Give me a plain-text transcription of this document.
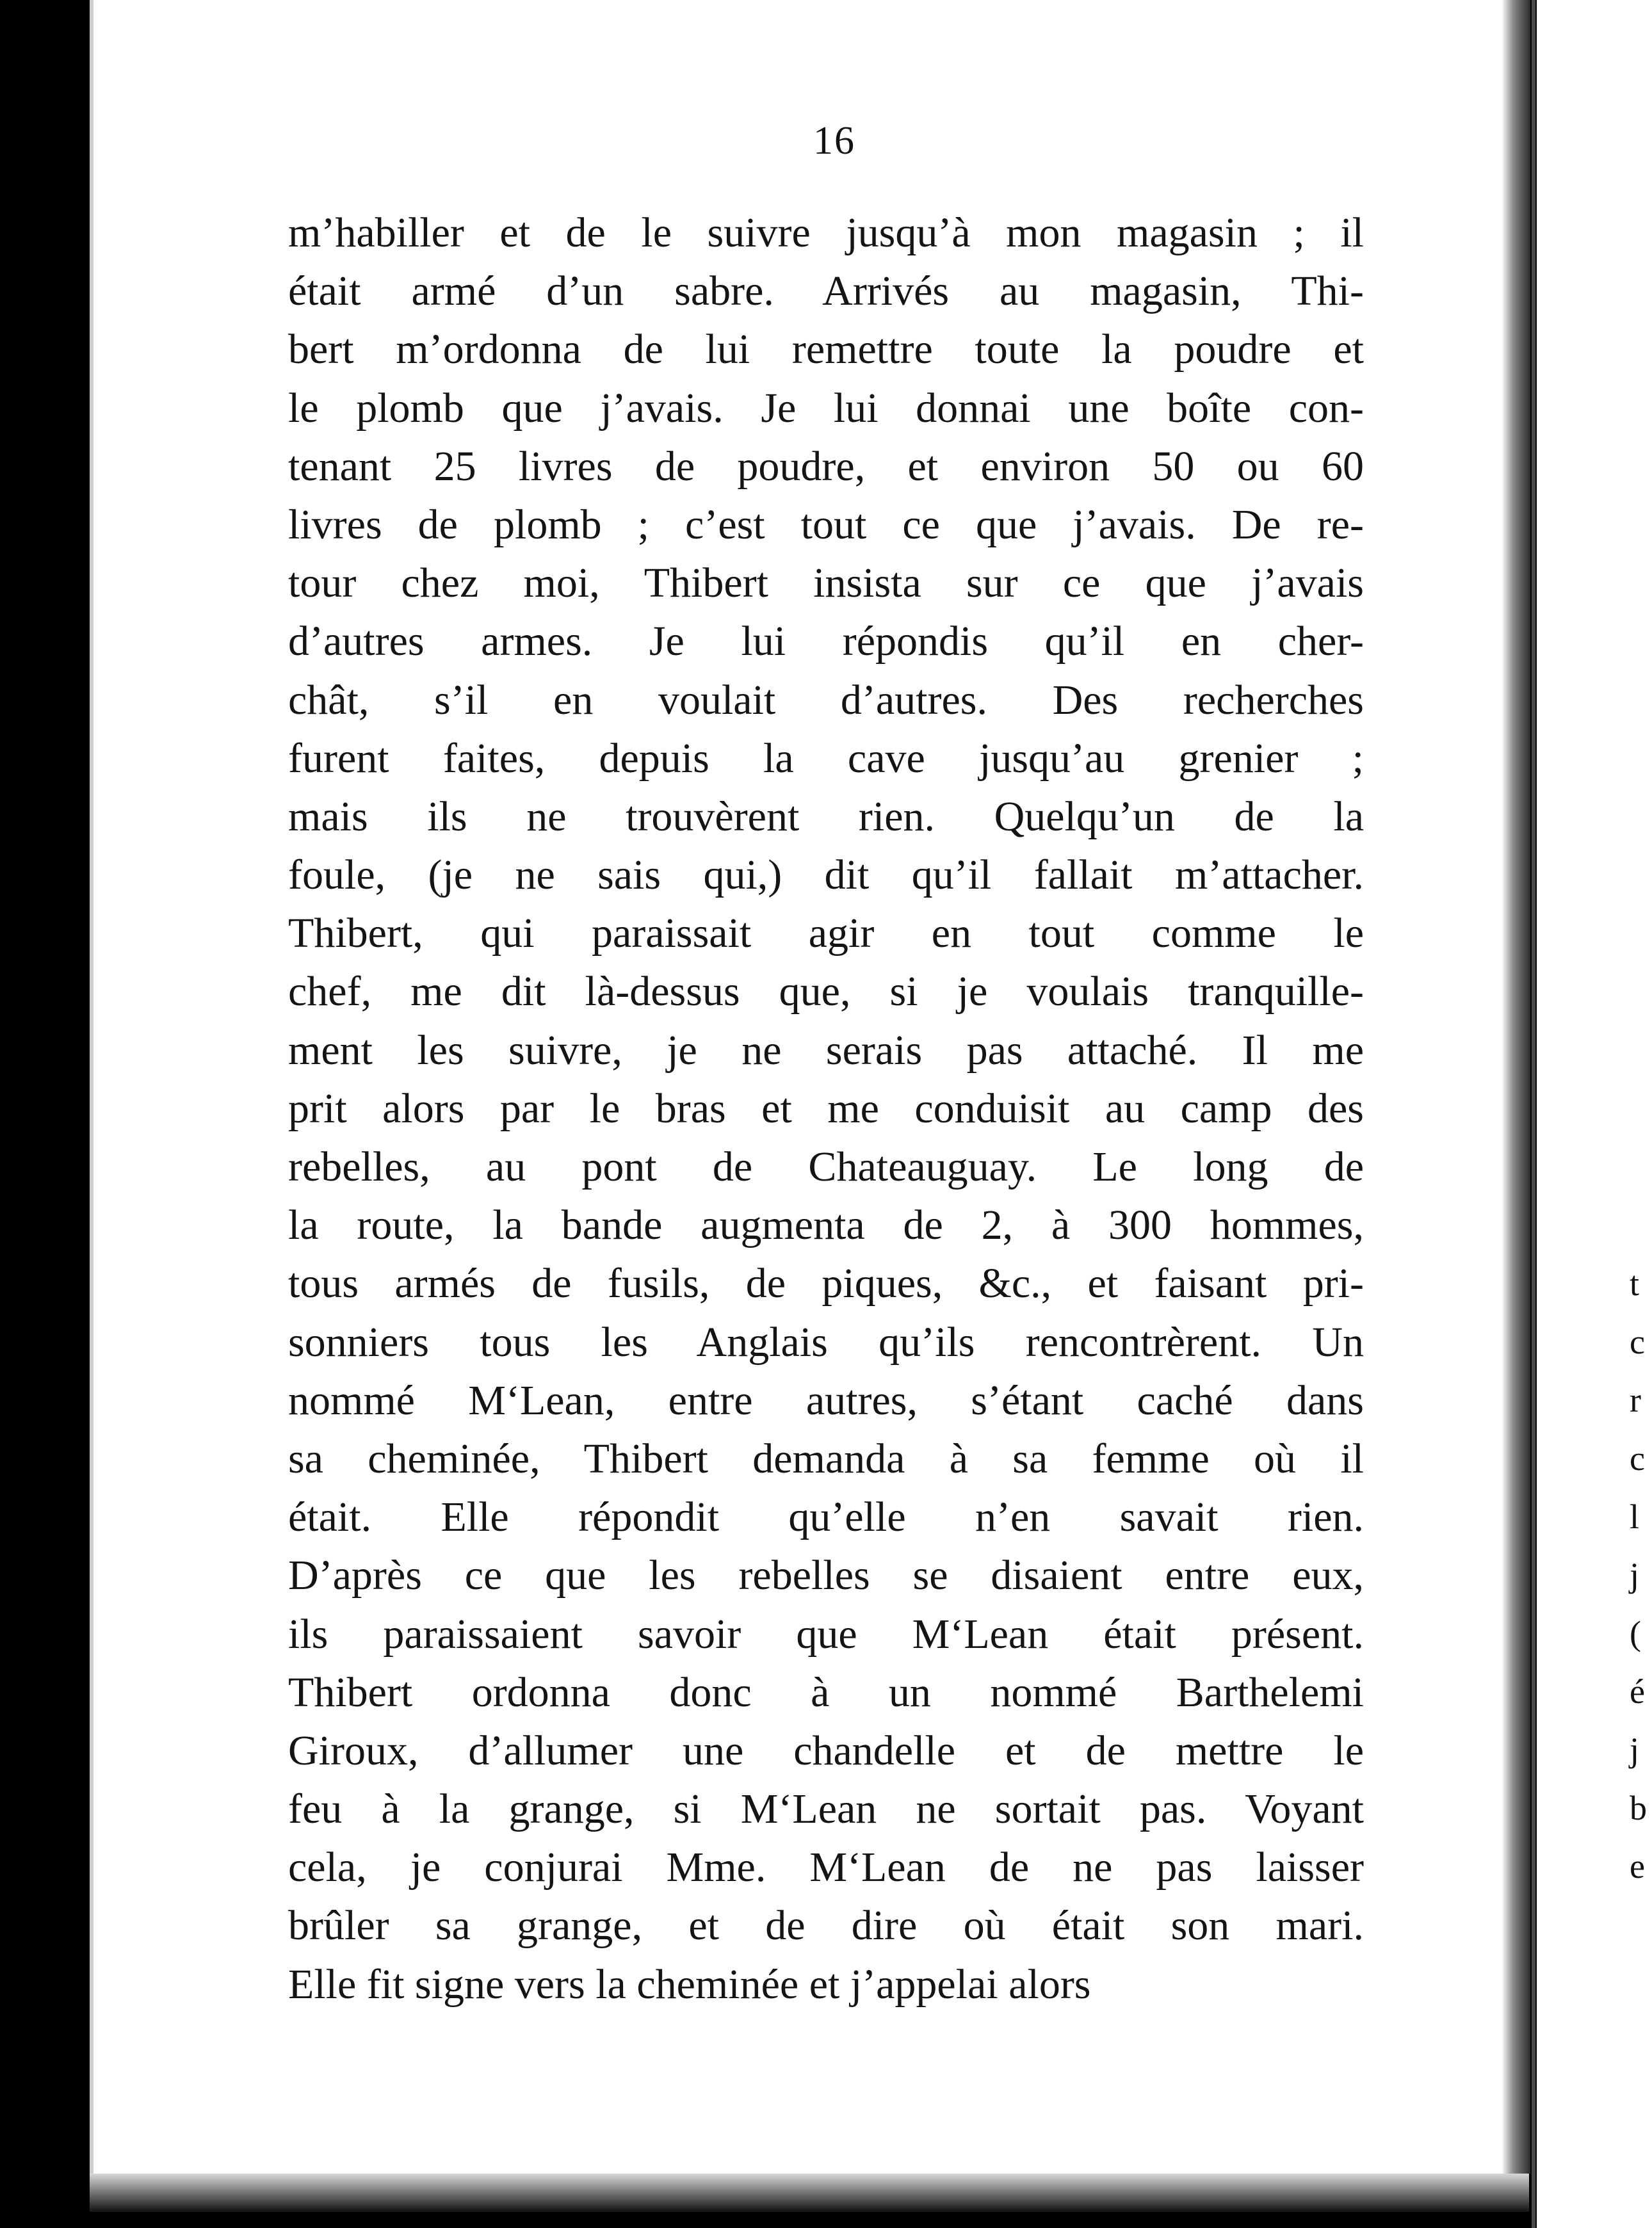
t
c
r
c
l
j
(
é
j
b
e
16
m’habiller et de le suivre jusqu’à mon magasin ; il
était armé d’un sabre. Arrivés au magasin, Thi-
bert m’ordonna de lui remettre toute la poudre et
le plomb que j’avais. Je lui donnai une boîte con-
tenant 25 livres de poudre, et environ 50 ou 60
livres de plomb ; c’est tout ce que j’avais. De re-
tour chez moi, Thibert insista sur ce que j’avais
d’autres armes. Je lui répondis qu’il en cher-
chât, s’il en voulait d’autres. Des recherches
furent faites, depuis la cave jusqu’au grenier ;
mais ils ne trouvèrent rien. Quelqu’un de la
foule, (je ne sais qui,) dit qu’il fallait m’attacher.
Thibert, qui paraissait agir en tout comme le
chef, me dit là-dessus que, si je voulais tranquille-
ment les suivre, je ne serais pas attaché. Il me
prit alors par le bras et me conduisit au camp des
rebelles, au pont de Chateauguay. Le long de
la route, la bande augmenta de 2, à 300 hommes,
tous armés de fusils, de piques, &c., et faisant pri-
sonniers tous les Anglais qu’ils rencontrèrent. Un
nommé M‘Lean, entre autres, s’étant caché dans
sa cheminée, Thibert demanda à sa femme où il
était. Elle répondit qu’elle n’en savait rien.
D’après ce que les rebelles se disaient entre eux,
ils paraissaient savoir que M‘Lean était présent.
Thibert ordonna donc à un nommé Barthelemi
Giroux, d’allumer une chandelle et de mettre le
feu à la grange, si M‘Lean ne sortait pas. Voyant
cela, je conjurai Mme. M‘Lean de ne pas laisser
brûler sa grange, et de dire où était son mari.
Elle fit signe vers la cheminée et j’appelai alors
